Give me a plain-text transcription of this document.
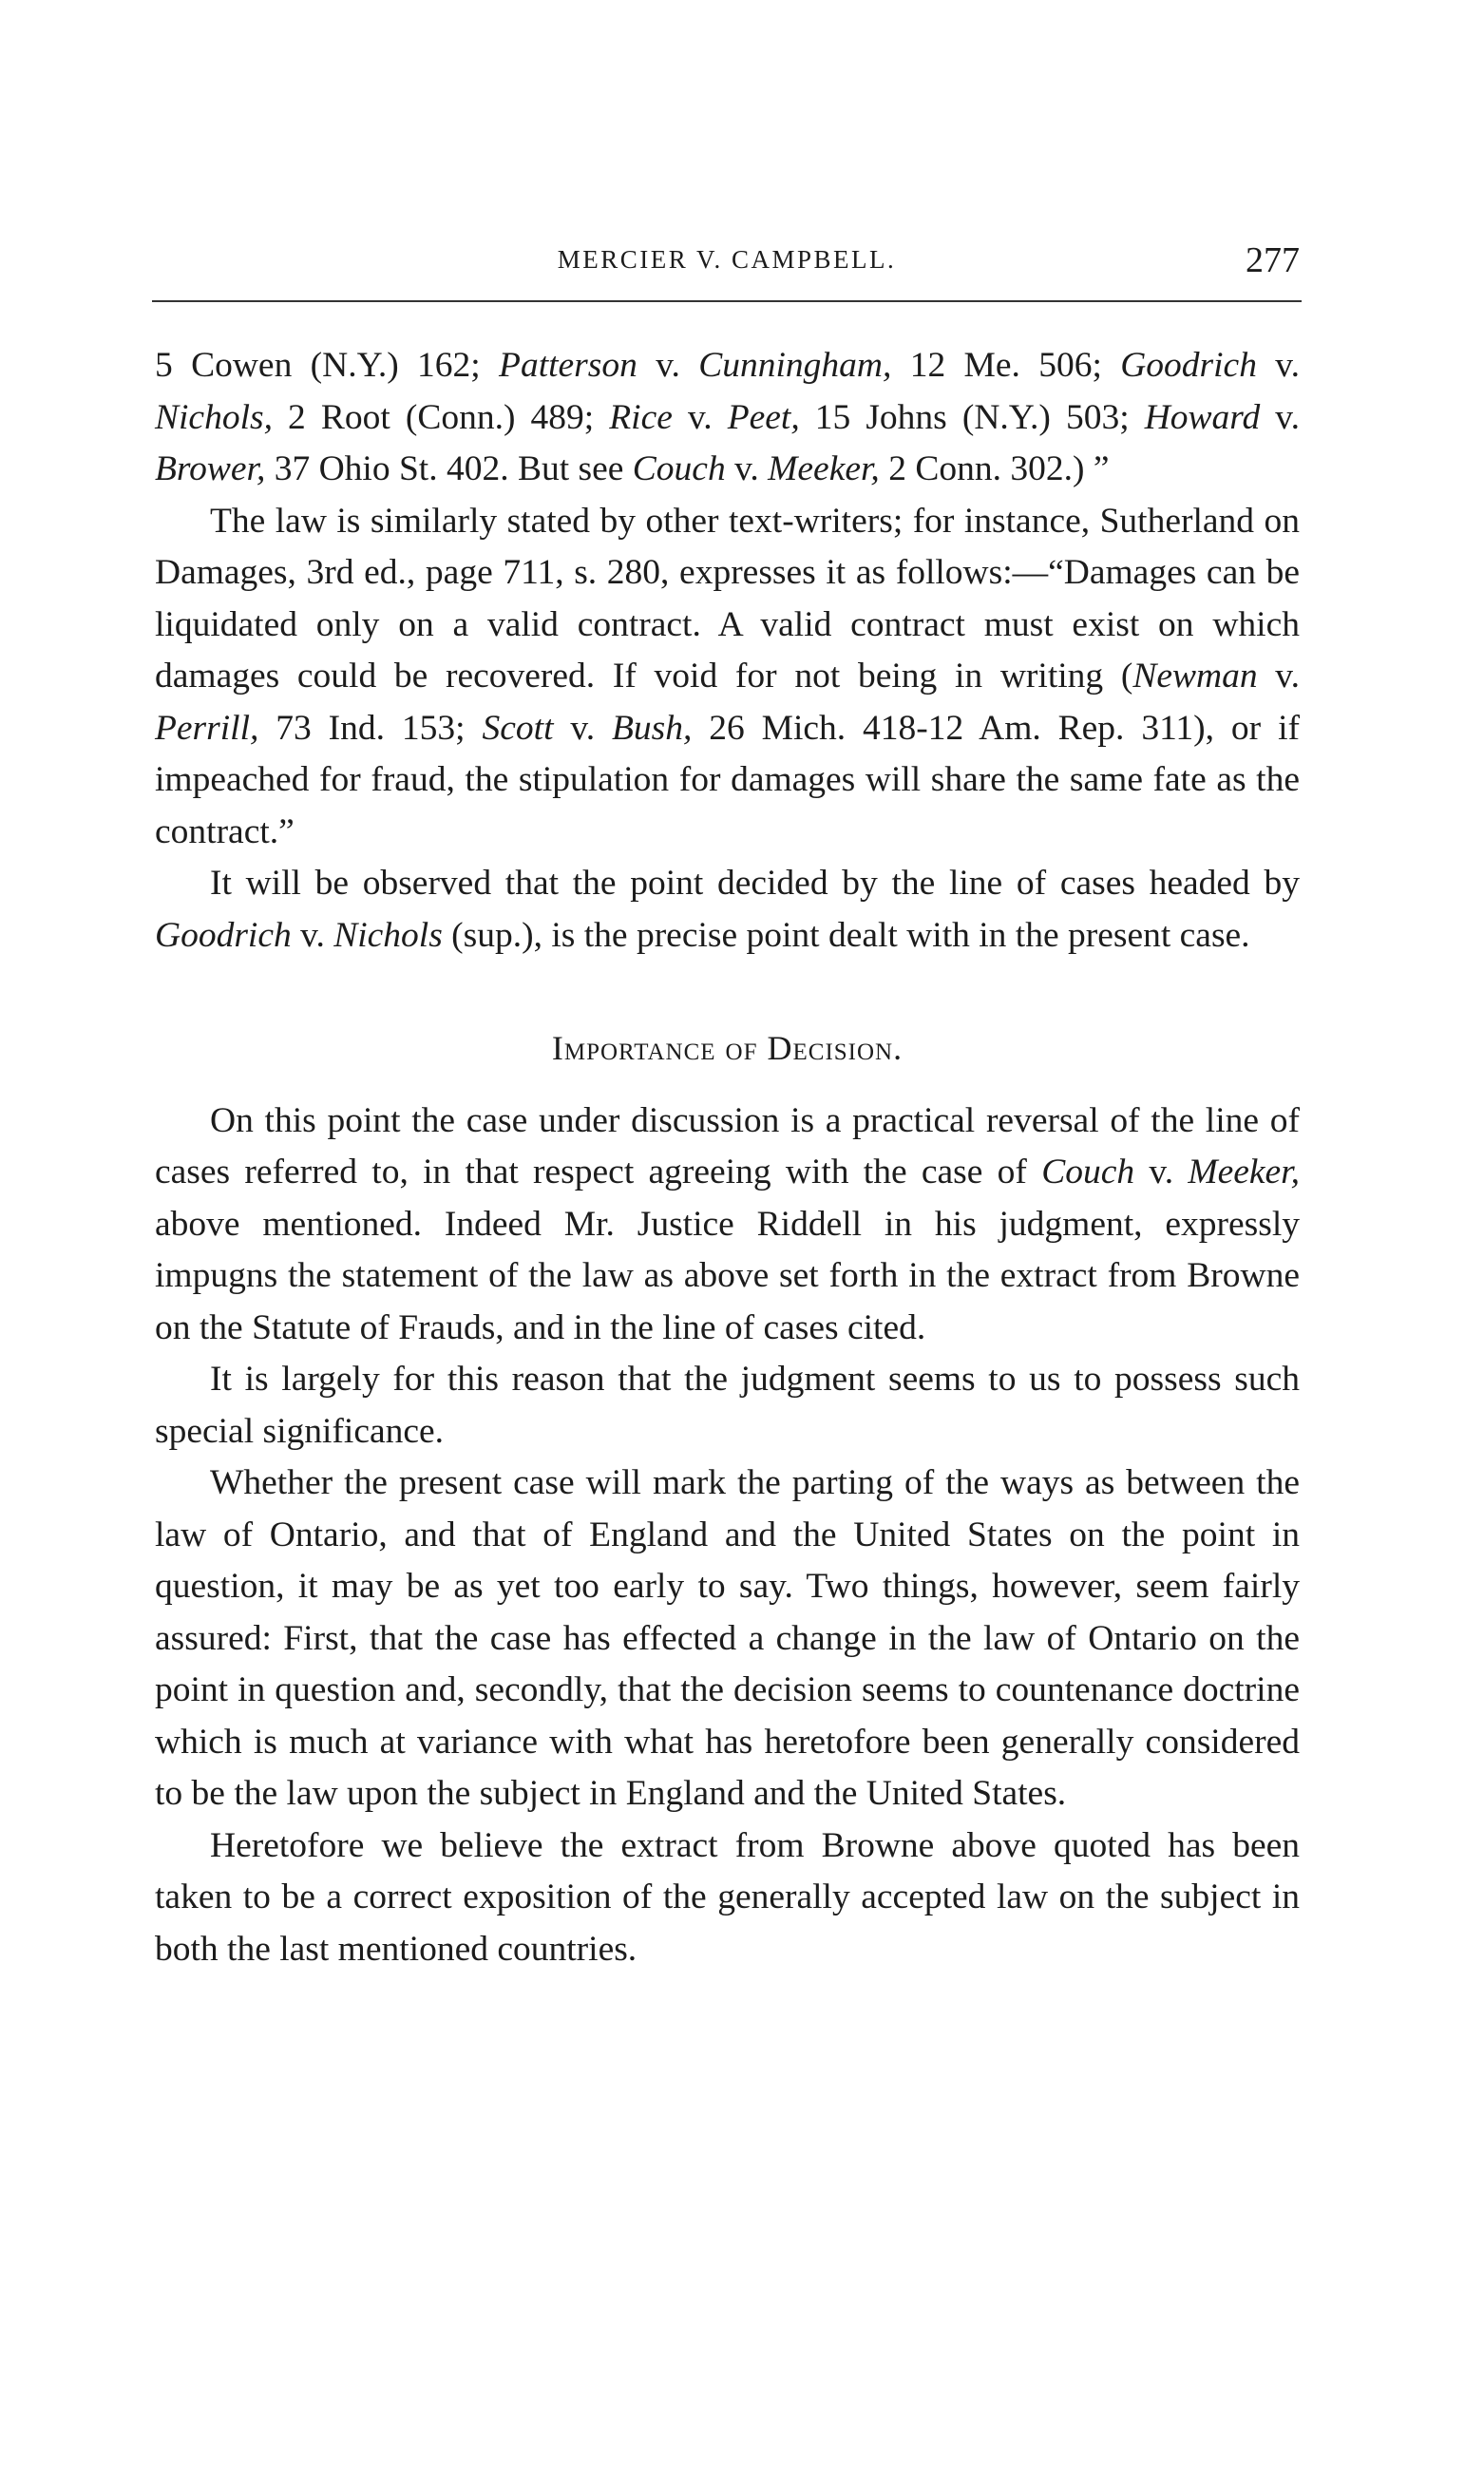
MERCIER V. CAMPBELL.	277

5 Cowen (N.Y.) 162; Patterson v. Cunningham, 12 Me. 506; Goodrich v. Nichols, 2 Root (Conn.) 489; Rice v. Peet, 15 Johns (N.Y.) 503; Howard v. Brower, 37 Ohio St. 402. But see Couch v. Meeker, 2 Conn. 302.) ”

The law is similarly stated by other text-writers; for instance, Sutherland on Damages, 3rd ed., page 711, s. 280, expresses it as follows:—“Damages can be liquidated only on a valid contract. A valid contract must exist on which damages could be recovered. If void for not being in writing (Newman v. Perrill, 73 Ind. 153; Scott v. Bush, 26 Mich. 418-12 Am. Rep. 311), or if impeached for fraud, the stipulation for damages will share the same fate as the contract.”

It will be observed that the point decided by the line of cases headed by Goodrich v. Nichols (sup.), is the precise point dealt with in the present case.

Importance of Decision.

On this point the case under discussion is a practical reversal of the line of cases referred to, in that respect agreeing with the case of Couch v. Meeker, above mentioned. Indeed Mr. Justice Riddell in his judgment, expressly impugns the statement of the law as above set forth in the extract from Browne on the Statute of Frauds, and in the line of cases cited.

It is largely for this reason that the judgment seems to us to possess such special significance.

Whether the present case will mark the parting of the ways as between the law of Ontario, and that of England and the United States on the point in question, it may be as yet too early to say. Two things, however, seem fairly assured: First, that the case has effected a change in the law of Ontario on the point in question and, secondly, that the decision seems to countenance doctrine which is much at variance with what has heretofore been generally considered to be the law upon the subject in England and the United States.

Heretofore we believe the extract from Browne above quoted has been taken to be a correct exposition of the generally accepted law on the subject in both the last mentioned countries.
